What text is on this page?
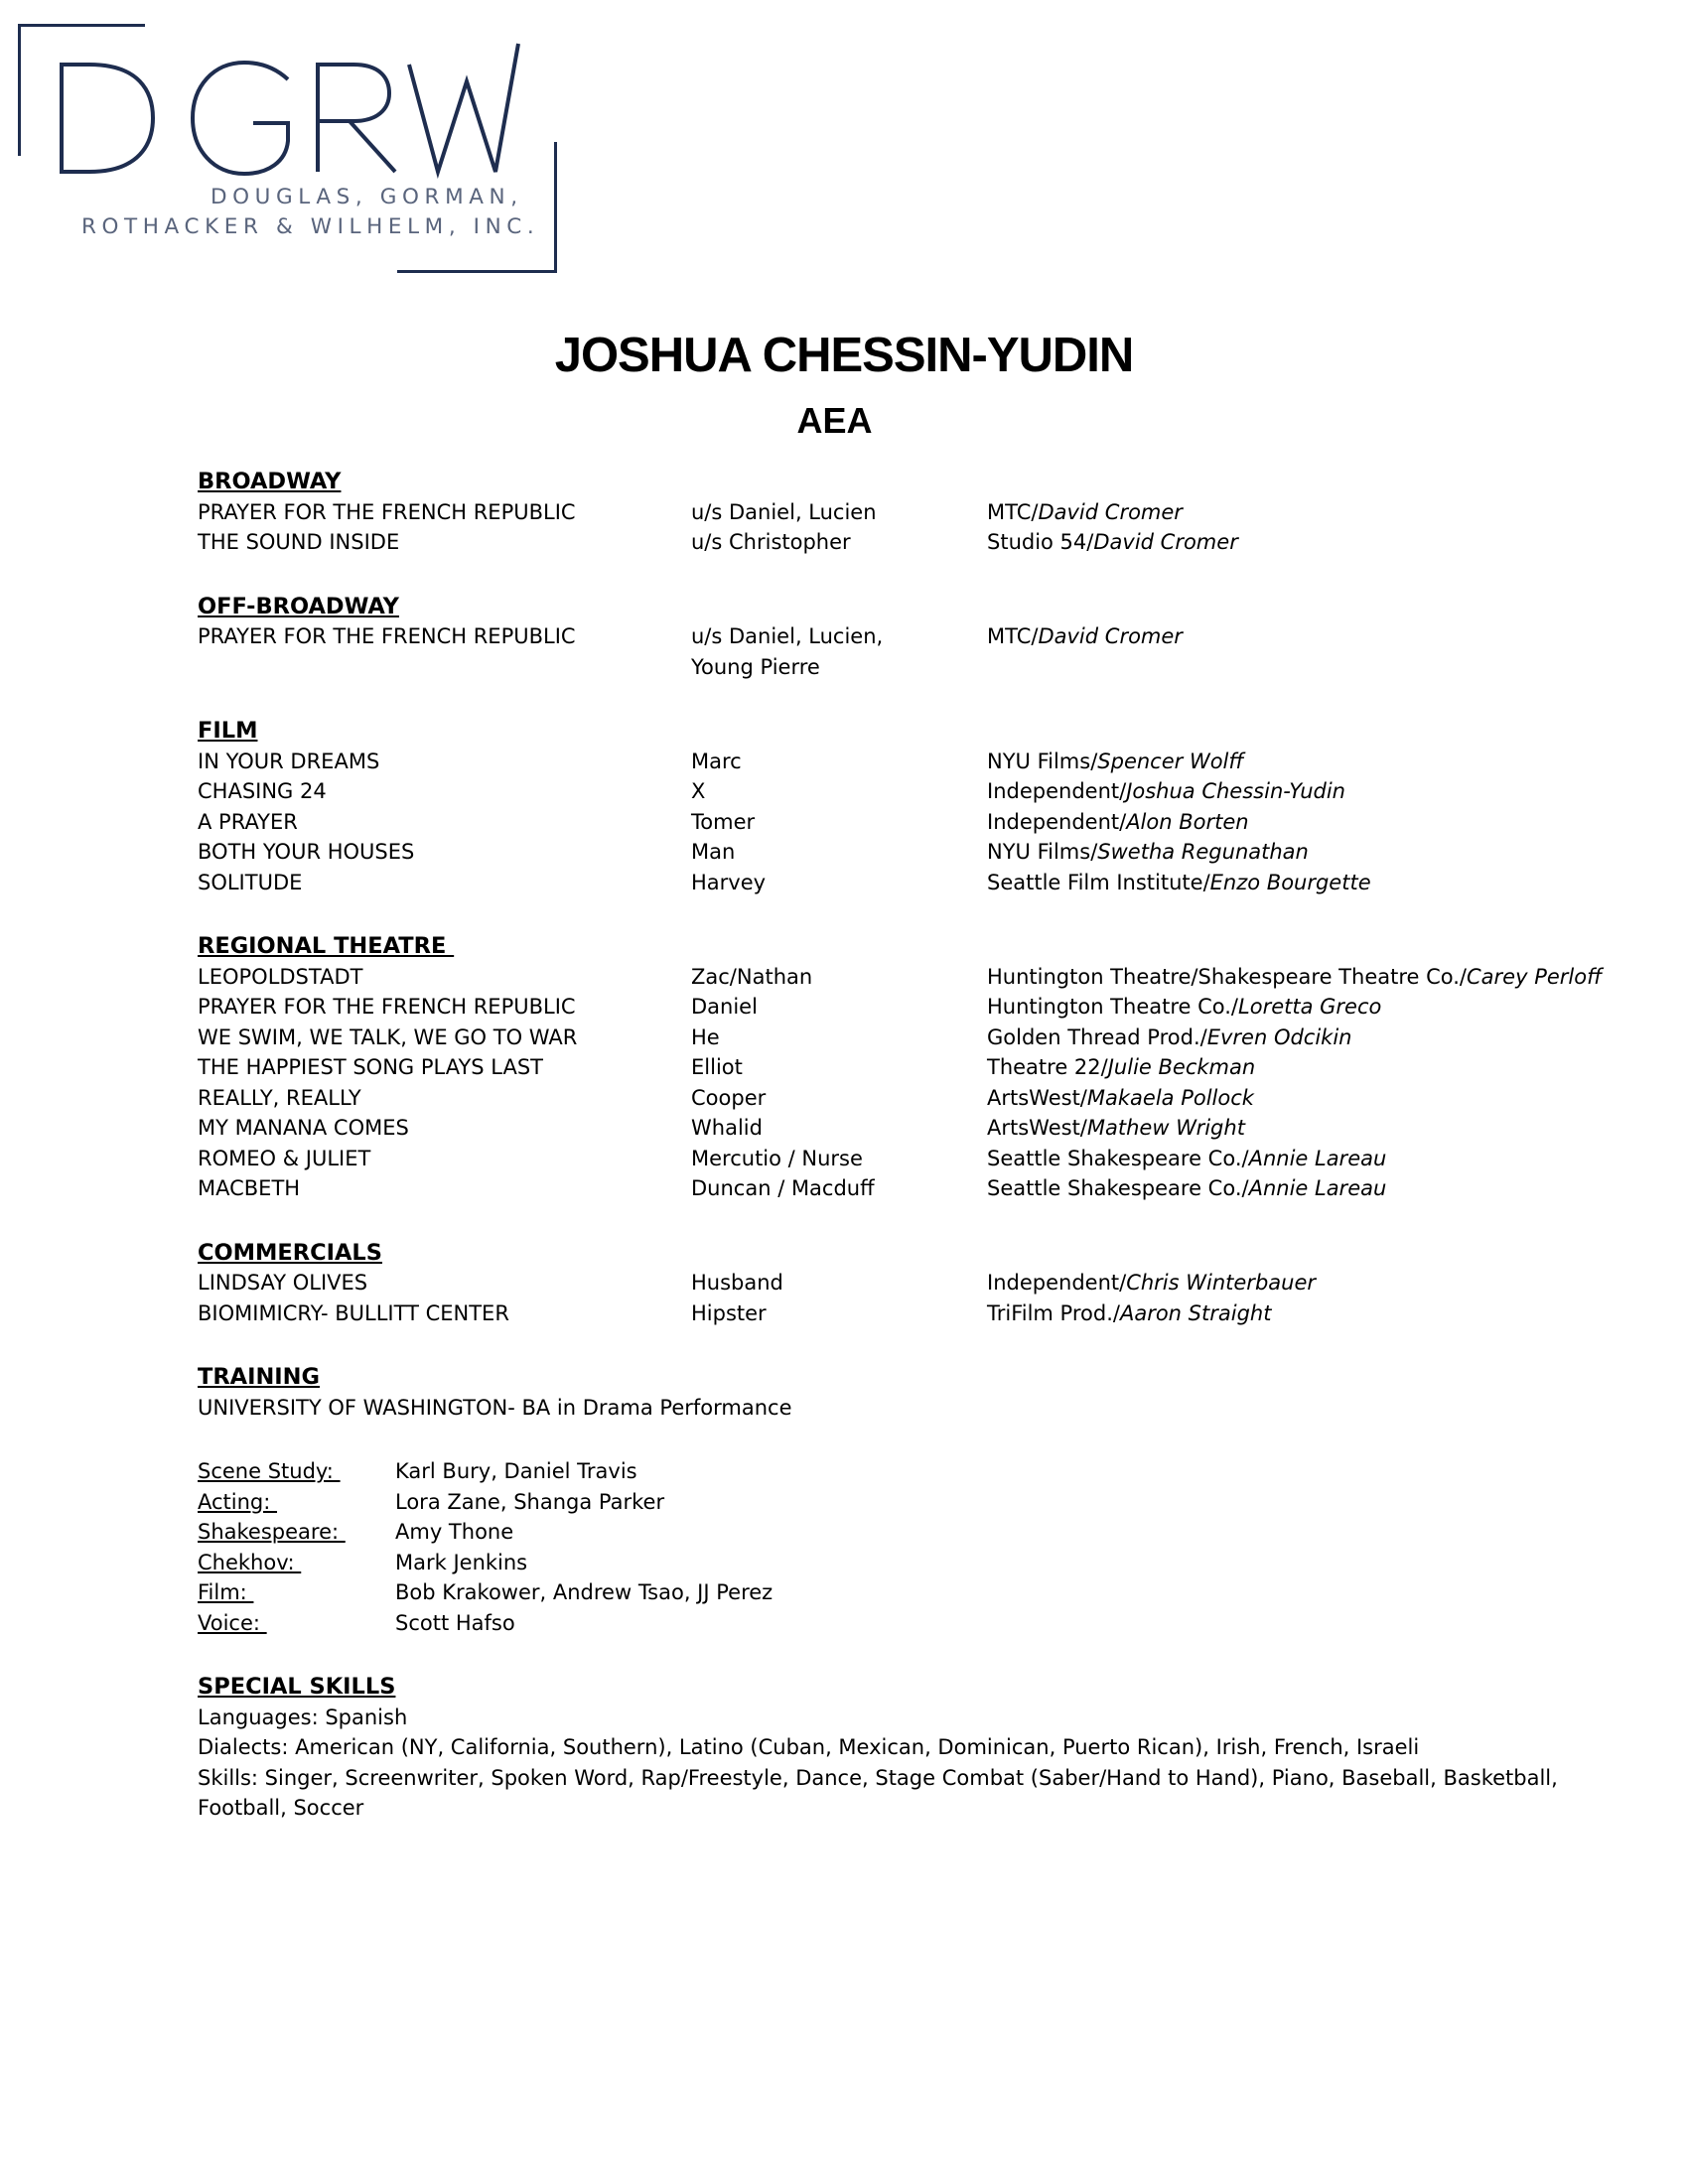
DOUGLAS, GORMAN,
ROTHACKER & WILHELM, INC.
JOSHUA CHESSIN-YUDIN
AEA
BROADWAY
PRAYER FOR THE FRENCH REPUBLIC	u/s Daniel, Lucien	MTC/David Cromer
THE SOUND INSIDE	u/s Christopher	Studio 54/David Cromer
OFF-BROADWAY
PRAYER FOR THE FRENCH REPUBLIC	u/s Daniel, Lucien,	MTC/David Cromer
Young Pierre
FILM
IN YOUR DREAMS	Marc	NYU Films/Spencer Wolff
CHASING 24	X	Independent/Joshua Chessin-Yudin
A PRAYER	Tomer	Independent/Alon Borten
BOTH YOUR HOUSES	Man	NYU Films/Swetha Regunathan
SOLITUDE	Harvey	Seattle Film Institute/Enzo Bourgette
REGIONAL THEATRE
LEOPOLDSTADT	Zac/Nathan	Huntington Theatre/Shakespeare Theatre Co./Carey Perloff
PRAYER FOR THE FRENCH REPUBLIC	Daniel	Huntington Theatre Co./Loretta Greco
WE SWIM, WE TALK, WE GO TO WAR	He	Golden Thread Prod./Evren Odcikin
THE HAPPIEST SONG PLAYS LAST	Elliot	Theatre 22/Julie Beckman
REALLY, REALLY	Cooper	ArtsWest/Makaela Pollock
MY MANANA COMES	Whalid	ArtsWest/Mathew Wright
ROMEO & JULIET	Mercutio / Nurse	Seattle Shakespeare Co./Annie Lareau
MACBETH	Duncan / Macduff	Seattle Shakespeare Co./Annie Lareau
COMMERCIALS
LINDSAY OLIVES	Husband	Independent/Chris Winterbauer
BIOMIMICRY- BULLITT CENTER	Hipster	TriFilm Prod./Aaron Straight
TRAINING
UNIVERSITY OF WASHINGTON- BA in Drama Performance
Scene Study:	Karl Bury, Daniel Travis
Acting:	Lora Zane, Shanga Parker
Shakespeare:	Amy Thone
Chekhov:	Mark Jenkins
Film:	Bob Krakower, Andrew Tsao, JJ Perez
Voice:	Scott Hafso
SPECIAL SKILLS
Languages: Spanish
Dialects: American (NY, California, Southern), Latino (Cuban, Mexican, Dominican, Puerto Rican), Irish, French, Israeli
Skills: Singer, Screenwriter, Spoken Word, Rap/Freestyle, Dance, Stage Combat (Saber/Hand to Hand), Piano, Baseball, Basketball, Football, Soccer
